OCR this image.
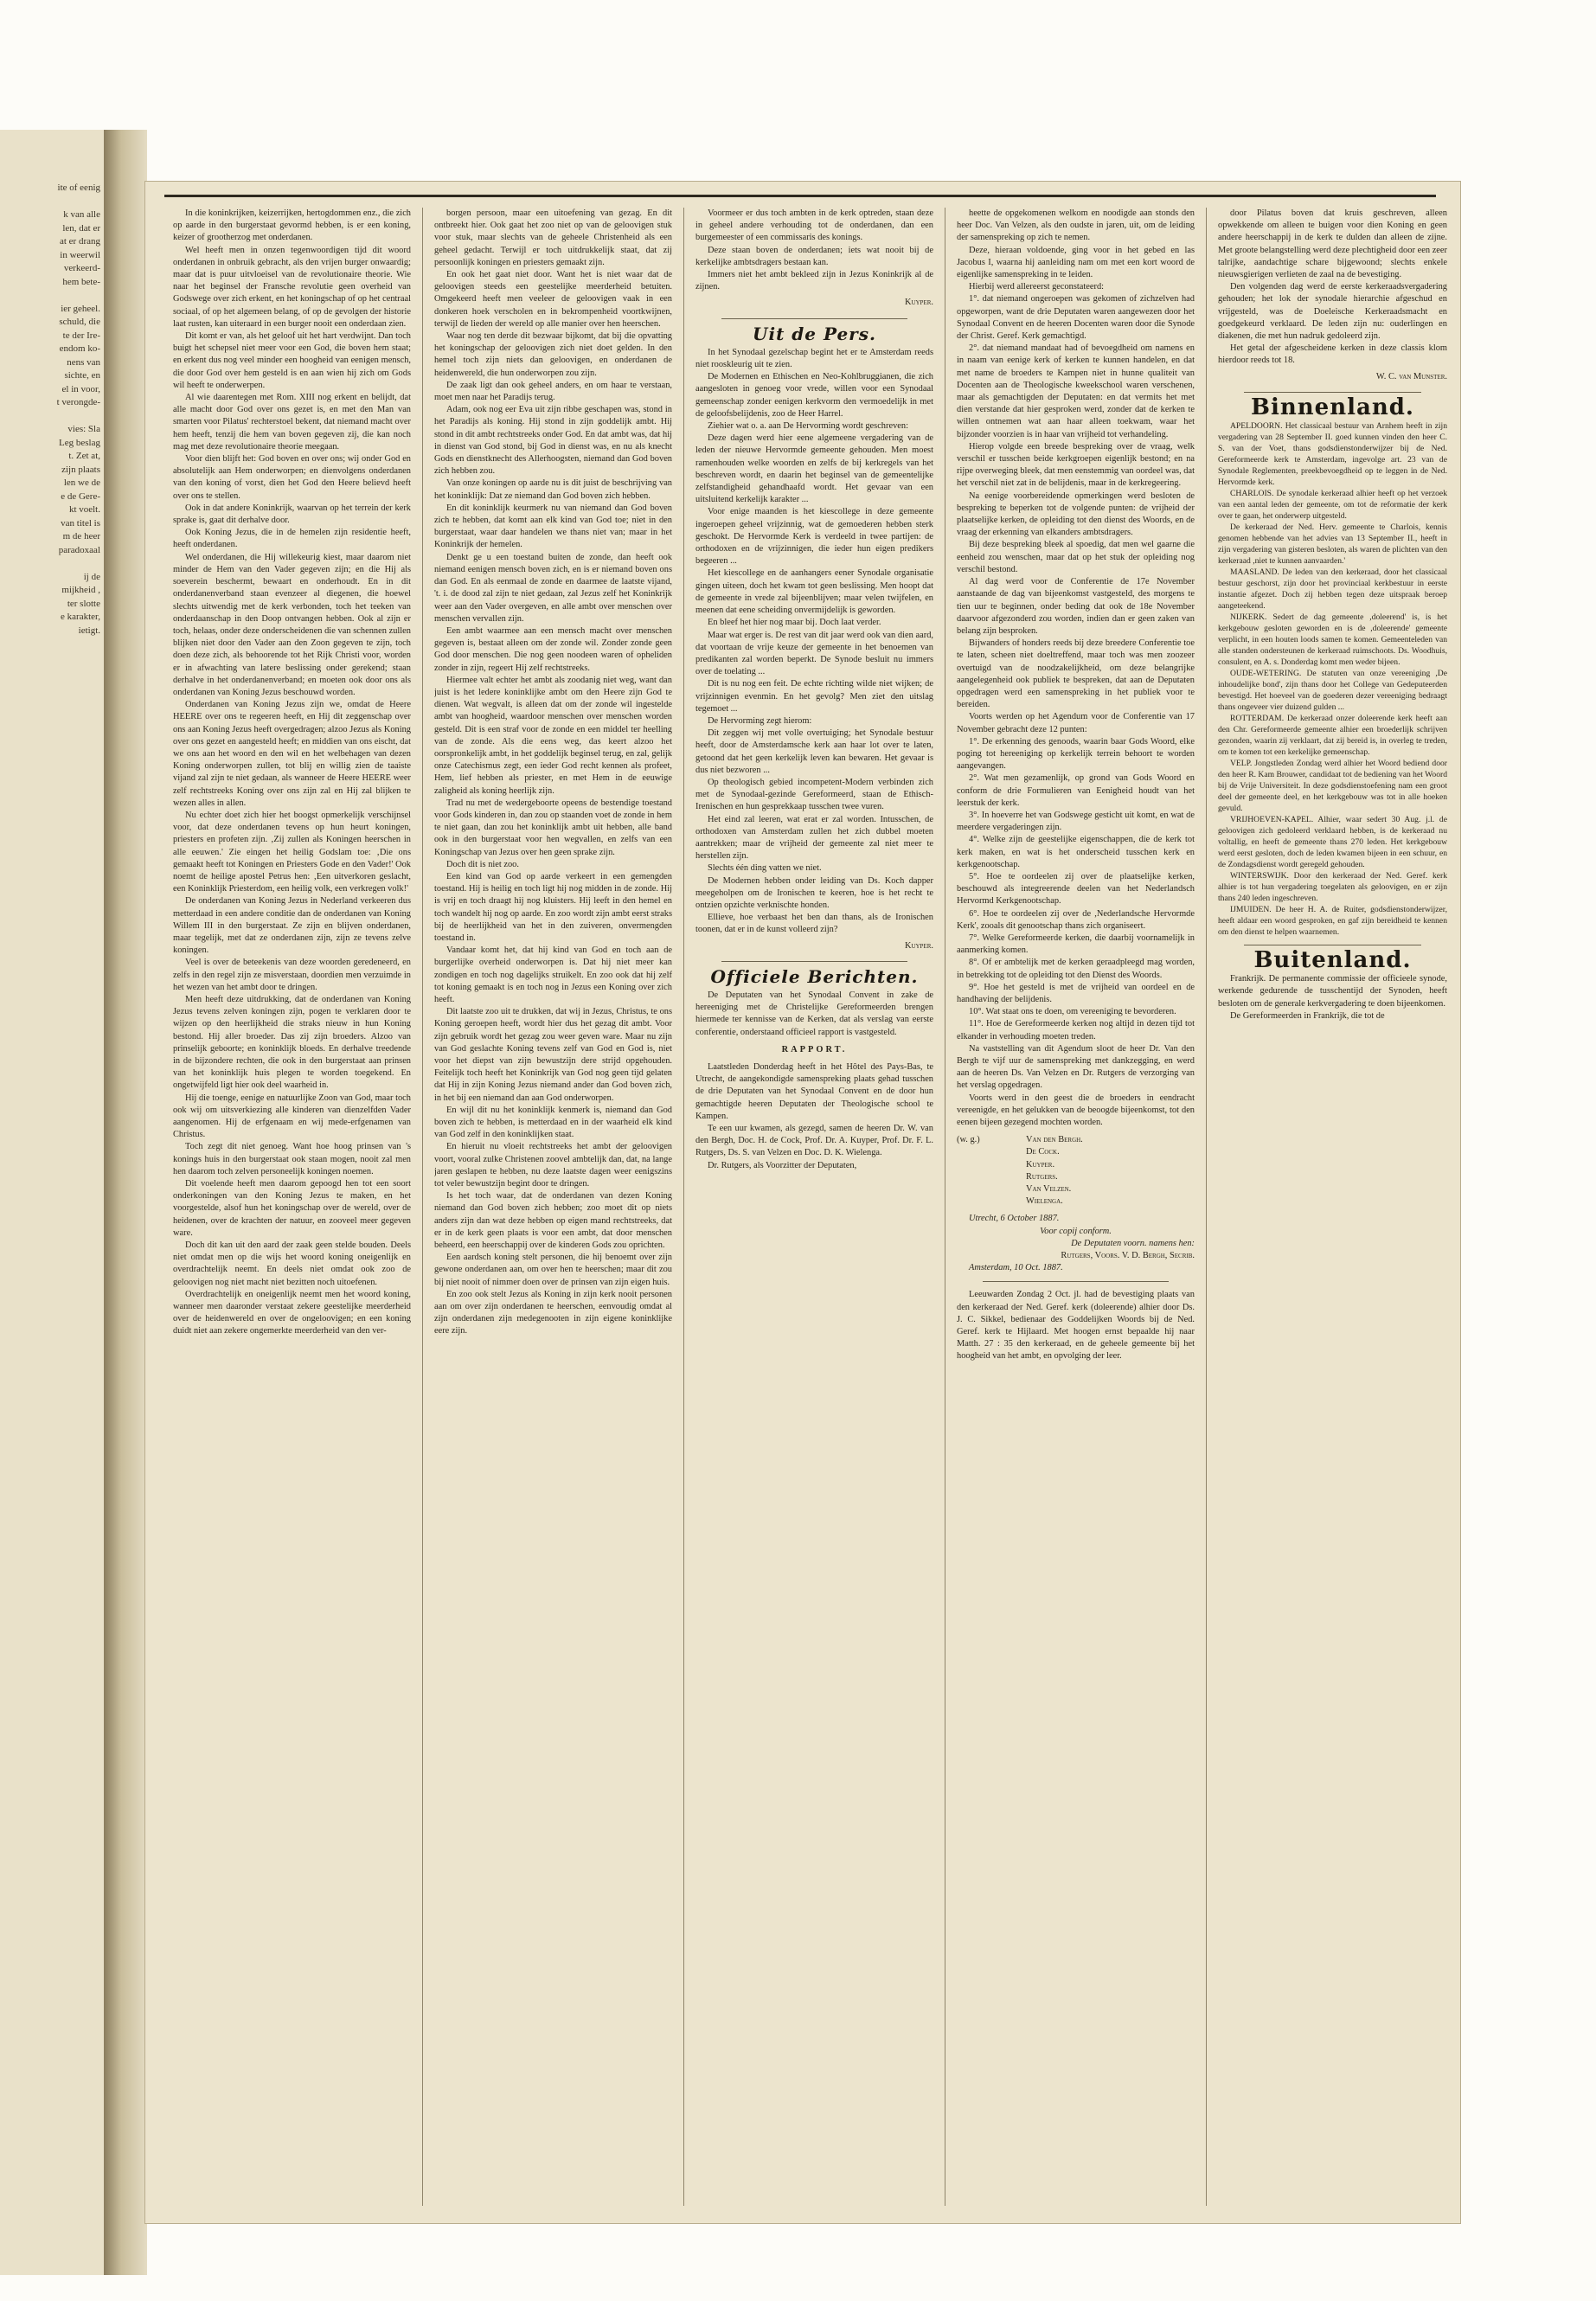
ite of eenig

k van alle
len, dat er
at er drang
in weerwil
verkeerd-
hem bete-

ier geheel.
schuld, die
te der Ire-
endom ko-
nens van
sichte, en
el in voor,
t verongde-

vies: Sla
Leg beslag
t. Zet at,
zijn plaats
len we de
e de Gere-
kt voelt.
van titel is
m de heer
paradoxaal

ij de
mijkheid ,
ter slotte
e karakter,
ietigt.

In die koninkrijken, keizerrijken, hertogdommen enz., die zich op aarde in den burgerstaat gevormd hebben, is er een koning, keizer of grootherzog met onderdanen.

Wel heeft men in onzen tegenwoordigen tijd dit woord onderdanen in onbruik gebracht, als den vrijen burger onwaardig; maar dat is puur uitvloeisel van de revolutionaire theorie. Wie naar het beginsel der Fransche revolutie geen overheid van Godswege over zich erkent, en het koningschap of op het centraal sociaal, of op het algemeen belang, of op de gevolgen der historie laat rusten, kan uiteraard in een burger nooit een onderdaan zien.

Dit komt er van, als het geloof uit het hart verdwijnt. Dan toch buigt het schepsel niet meer voor een God, die boven hem staat; en erkent dus nog veel minder een hoogheid van eenigen mensch, die door God over hem gesteld is en aan wien hij zich om Gods wil heeft te onderwerpen.

Al wie daarentegen met Rom. XIII nog erkent en belijdt, dat alle macht door God over ons gezet is, en met den Man van smarten voor Pilatus' rechterstoel bekent, dat niemand macht over hem heeft, tenzij die hem van boven gegeven zij, die kan noch mag met deze revolutionaire theorie meegaan.

Voor dien blijft het: God boven en over ons; wij onder God en absolutelijk aan Hem onderworpen; en dienvolgens onderdanen van den koning of vorst, dien het God den Heere believd heeft over ons te stellen.

Ook in dat andere Koninkrijk, waarvan op het terrein der kerk sprake is, gaat dit derhalve door.

Ook Koning Jezus, die in de hemelen zijn residentie heeft, heeft onderdanen.

Wel onderdanen, die Hij willekeurig kiest, maar daarom niet minder de Hem van den Vader gegeven zijn; en die Hij als soeverein beschermt, bewaart en onderhoudt. En in dit onderdanenverband staan evenzeer al diegenen, die hoewel slechts uitwendig met de kerk verbonden, toch het teeken van onderdaanschap in den Doop ontvangen hebben. Ook al zijn er toch, helaas, onder deze onderscheidenen die van schennen zullen blijken niet door den Vader aan den Zoon gegeven te zijn, toch doen deze zich, als behoorende tot het Rijk Christi voor, worden er in afwachting van latere beslissing onder gerekend; staan derhalve in het onderdanenverband; en moeten ook door ons als onderdanen van Koning Jezus beschouwd worden.

Onderdanen van Koning Jezus zijn we, omdat de Heere HEERE over ons te regeeren heeft, en Hij dit zeggenschap over ons aan Koning Jezus heeft overgedragen; alzoo Jezus als Koning over ons gezet en aangesteld heeft; en middien van ons eischt, dat we ons aan het woord en den wil en het welbehagen van dezen Koning onderworpen zullen, tot blij en willig zien de taaiste vijand zal zijn te niet gedaan, als wanneer de Heere HEERE weer zelf rechtstreeks Koning over ons zijn zal en Hij zal blijken te wezen alles in allen.

Nu echter doet zich hier het boogst opmerkelijk verschijnsel voor, dat deze onderdanen tevens op hun heurt koningen, priesters en profeten zijn. ‚Zij zullen als Koningen heerschen in alle eeuwen.' Zie eingen het heilig Godslam toe: ‚Die ons gemaakt heeft tot Koningen en Priesters Gode en den Vader!' Ook noemt de heilige apostel Petrus hen: ‚Een uitverkoren geslacht, een Koninklijk Priesterdom, een heilig volk, een verkregen volk!'

De onderdanen van Koning Jezus in Nederland verkeeren dus metterdaad in een andere conditie dan de onderdanen van Koning Willem III in den burgerstaat. Ze zijn en blijven onderdanen, maar tegelijk, met dat ze onderdanen zijn, zijn ze tevens zelve koningen.

Veel is over de beteekenis van deze woorden geredeneerd, en zelfs in den regel zijn ze misverstaan, doordien men verzuimde in het wezen van het ambt door te dringen.

Men heeft deze uitdrukking, dat de onderdanen van Koning Jezus tevens zelven koningen zijn, pogen te verklaren door te wijzen op den heerlijkheid die straks nieuw in hun Koning bestond. Hij aller broeder. Das zij zijn broeders. Alzoo van prinselijk geboorte; en koninklijk bloeds. En derhalve treedende in de bijzondere rechten, die ook in den burgerstaat aan prinsen van het koninklijk huis plegen te worden toegekend. En ongetwijfeld ligt hier ook deel waarheid in.

Hij die toenge, eenige en natuurlijke Zoon van God, maar toch ook wij om uitsverkiezing alle kinderen van dienzelfden Vader aangenomen. Hij de erfgenaam en wij mede-erfgenamen van Christus.

Toch zegt dit niet genoeg. Want hoe hoog prinsen van 's konings huis in den burgerstaat ook staan mogen, nooit zal men hen daarom toch zelven personeelijk koningen noemen.

Dit voelende heeft men daarom gepoogd hen tot een soort onderkoningen van den Koning Jezus te maken, en het voorgestelde, alsof hun het koningschap over de wereld, over de heidenen, over de krachten der natuur, en zooveel meer gegeven ware.

Doch dit kan uit den aard der zaak geen stelde bouden. Deels niet omdat men op die wijs het woord koning oneigenlijk en overdrachtelijk neemt. En deels niet omdat ook zoo de geloovigen nog niet macht niet bezitten noch uitoefenen.

Overdrachtelijk en oneigenlijk neemt men het woord koning, wanneer men daaronder verstaat zekere geestelijke meerderheid over de heidenwereld en over de ongeloovigen; en een koning duidt niet aan zekere ongemerkte meerderheid van den ver-

borgen persoon, maar een uitoefening van gezag. En dit ontbreekt hier. Ook gaat het zoo niet op van de geloovigen stuk voor stuk, maar slechts van de geheele Christenheid als een geheel gedacht. Terwijl er toch uitdrukkelijk staat, dat zij persoonlijk koningen en priesters gemaakt zijn.

En ook het gaat niet door. Want het is niet waar dat de geloovigen steeds een geestelijke meerderheid betuiten. Omgekeerd heeft men veeleer de geloovigen vaak in een donkeren hoek verscholen en in bekrompenheid voortkwijnen, terwijl de lieden der wereld op alle manier over hen heerschen.

Waar nog ten derde dit bezwaar bijkomt, dat bij die opvatting het koningschap der geloovigen zich niet doet gelden. In den hemel toch zijn niets dan geloovigen, en onderdanen de heidenwereld, die hun onderworpen zou zijn.

De zaak ligt dan ook geheel anders, en om haar te verstaan, moet men naar het Paradijs terug.

Adam, ook nog eer Eva uit zijn ribbe geschapen was, stond in het Paradijs als koning. Hij stond in zijn goddelijk ambt. Hij stond in dit ambt rechtstreeks onder God. En dat ambt was, dat hij in dienst van God stond, bij God in dienst was, en nu als knecht Gods en dienstknecht des Allerhoogsten, niemand dan God boven zich hebben zou.

Van onze koningen op aarde nu is dit juist de beschrijving van het koninklijk: Dat ze niemand dan God boven zich hebben.

En dit koninklijk keurmerk nu van niemand dan God boven zich te hebben, dat komt aan elk kind van God toe; niet in den burgerstaat, waar daar handelen we thans niet van; maar in het Koninkrijk der hemelen.

Denkt ge u een toestand buiten de zonde, dan heeft ook niemand eenigen mensch boven zich, en is er niemand boven ons dan God. En als eenmaal de zonde en daarmee de laatste vijand, 't. i. de dood zal zijn te niet gedaan, zal Jezus zelf het Koninkrijk weer aan den Vader overgeven, en alle ambt over menschen over menschen vervallen zijn.

Een ambt waarmee aan een mensch macht over menschen gegeven is, bestaat alleen om der zonde wil. Zonder zonde geen God door menschen. Die nog geen noodeen waren of opheliden zonder in zijn, regeert Hij zelf rechtstreeks.

Hiermee valt echter het ambt als zoodanig niet weg, want dan juist is het ledere koninklijke ambt om den Heere zijn God te dienen. Wat wegvalt, is alleen dat om der zonde wil ingestelde ambt van hoogheid, waardoor menschen over menschen worden gesteld. Dit is een straf voor de zonde en een middel ter heelling van de zonde. Als die eens weg, das keert alzoo het oorspronkelijk ambt, in het goddelijk beginsel terug, en zal, gelijk onze Catechismus zegt, een ieder God recht kennen als profeet, Hem, lief hebben als priester, en met Hem in de eeuwige zaligheid als koning heerlijk zijn.

Trad nu met de wedergeboorte opeens de bestendige toestand voor Gods kinderen in, dan zou op staanden voet de zonde in hem te niet gaan, dan zou het koninklijk ambt uit hebben, alle band ook in den burgerstaat voor hen wegvallen, en zelfs van een Koningschap van Jezus over hen geen sprake zijn.

Doch dit is niet zoo.

Een kind van God op aarde verkeert in een gemengden toestand. Hij is heilig en toch ligt hij nog midden in de zonde. Hij is vrij en toch draagt hij nog kluisters. Hij leeft in den hemel en toch wandelt hij nog op aarde. En zoo wordt zijn ambt eerst straks bij de heerlijkheid van het in den zuiveren, onvermengden toestand in.

Vandaar komt het, dat hij kind van God en toch aan de burgerlijke overheid onderworpen is. Dat hij niet meer kan zondigen en toch nog dagelijks struikelt. En zoo ook dat hij zelf tot koning gemaakt is en toch nog in Jezus een Koning over zich heeft.

Dit laatste zoo uit te drukken, dat wij in Jezus, Christus, te ons Koning geroepen heeft, wordt hier dus het gezag dit ambt. Voor zijn gebruik wordt het gezag zou weer geven ware. Maar nu zijn van God geslachte Koning tevens zelf van God en God is, niet voor het diepst van zijn bewustzijn dere strijd opgehouden. Feitelijk toch heeft het Koninkrijk van God nog geen tijd gelaten dat Hij in zijn Koning Jezus niemand ander dan God boven zich, in het bij een niemand dan aan God onderworpen.

En wijl dit nu het koninklijk kenmerk is, niemand dan God boven zich te hebben, is metterdaad en in der waarheid elk kind van God zelf in den koninklijken staat.

En hieruit nu vloeit rechtstreeks het ambt der geloovigen voort, vooral zulke Christenen zoovel ambtelijk dan, dat, na lange jaren geslapen te hebben, nu deze laatste dagen weer eenigszins tot veler bewustzijn begint door te dringen.

Is het toch waar, dat de onderdanen van dezen Koning niemand dan God boven zich hebben; zoo moet dit op niets anders zijn dan wat deze hebben op eigen mand rechtstreeks, dat er in de kerk geen plaats is voor een ambt, dat door menschen beheerd, een heerschappij over de kinderen Gods zou oprichten.

Een aardsch koning stelt personen, die hij benoemt over zijn gewone onderdanen aan, om over hen te heerschen; maar dit zou bij niet nooit of nimmer doen over de prinsen van zijn eigen huis.

En zoo ook stelt Jezus als Koning in zijn kerk nooit personen aan om over zijn onderdanen te heerschen, eenvoudig omdat al zijn onderdanen zijn medegenooten in zijn eigene koninklijke eere zijn.

Voormeer er dus toch ambten in de kerk optreden, staan deze in geheel andere verhouding tot de onderdanen, dan een burgemeester of een commissaris des konings.

Deze staan boven de onderdanen; iets wat nooit bij de kerkelijke ambtsdragers bestaan kan.

Immers niet het ambt bekleed zijn in Jezus Koninkrijk al de zijnen.

Kuyper.
Uit de Pers.

In het Synodaal gezelschap begint het er te Amsterdam reeds niet rooskleurig uit te zien.

De Modernen en Ethischen en Neo-Kohlbruggianen, die zich aangesloten in genoeg voor vrede, willen voor een Synodaal gemeenschap zonder eenigen kerkvorm den vermoedelijk in met de geloofsbelijdenis, zoo de Heer Harrel.

Ziehier wat o. a. aan De Hervorming wordt geschreven:

Deze dagen werd hier eene algemeene vergadering van de leden der nieuwe Hervormde gemeente gehouden. Men moest ramenhouden welke woorden en zelfs de bij kerkregels van het beschreven wordt, en daarin het beginsel van de gemeentelijke zelfstandigheid gehandhaafd wordt. Het gevaar van een uitsluitend kerkelijk karakter ...

Voor enige maanden is het kiescollege in deze gemeente ingeroepen geheel vrijzinnig, wat de gemoederen hebben sterk geschokt. De Hervormde Kerk is verdeeld in twee partijen: de orthodoxen en de vrijzinnigen, die ieder hun eigen predikers begeeren ...

Het kiescollege en de aanhangers eener Synodale organisatie gingen uiteen, doch het kwam tot geen beslissing. Men hoopt dat de gemeente in vrede zal bijeenblijven; maar velen twijfelen, en meenen dat eene scheiding onvermijdelijk is geworden.

En bleef het hier nog maar bij. Doch laat verder.

Maar wat erger is. De rest van dit jaar werd ook van dien aard, dat voortaan de vrije keuze der gemeente in het benoemen van predikanten zal worden beperkt. De Synode besluit nu immers over de toelating ...

Dit is nu nog een feit. De echte richting wilde niet wijken; de vrijzinnigen evenmin. En het gevolg? Men ziet den uitslag tegemoet ...

De Hervorming zegt hierom:

Dit zeggen wij met volle overtuiging; het Synodale bestuur heeft, door de Amsterdamsche kerk aan haar lot over te laten, getoond dat het geen kerkelijk leven kan bewaren. Het gevaar is dus niet bezworen ...

Op theologisch gebied incompetent-Modern verbinden zich met de Synodaal-gezinde Gereformeerd, staan de Ethisch-Irenischen en hun gesprekkaap tusschen twee vuren.

Het eind zal leeren, wat erat er zal worden. Intusschen, de orthodoxen van Amsterdam zullen het zich dubbel moeten aantrekken; maar de vrijheid der gemeente zal niet meer te herstellen zijn.

Slechts één ding vatten we niet.

De Modernen hebben onder leiding van Ds. Koch dapper meegeholpen om de Ironischen te keeren, hoe is het recht te ontzien opzichte verknischte honden.

Ellieve, hoe verbaast het ben dan thans, als de Ironischen toonen, dat er in de kunst volleerd zijn?

Kuyper.
Officiele Berichten.

De Deputaten van het Synodaal Convent in zake de hereeniging met de Christelijke Gereformeerden brengen hiermede ter kennisse van de Kerken, dat als verslag van eerste conferentie, onderstaand officieel rapport is vastgesteld.

RAPPORT.

Laatstleden Donderdag heeft in het Hôtel des Pays-Bas, te Utrecht, de aangekondigde samenspreking plaats gehad tusschen de drie Deputaten van het Synodaal Convent en de door hun gemachtigde heeren Deputaten der Theologische school te Kampen.

Te een uur kwamen, als gezegd, samen de heeren Dr. W. van den Bergh, Doc. H. de Cock, Prof. Dr. A. Kuyper, Prof. Dr. F. L. Rutgers, Ds. S. van Velzen en Doc. D. K. Wielenga.

Dr. Rutgers, als Voorzitter der Deputaten,

heette de opgekomenen welkom en noodigde aan stonds den heer Doc. Van Velzen, als den oudste in jaren, uit, om de leiding der samenspreking op zich te nemen.

Deze, hieraan voldoende, ging voor in het gebed en las Jacobus I, waarna hij aanleiding nam om met een kort woord de eigenlijke samenspreking in te leiden.

Hierbij werd allereerst geconstateerd:

1°. dat niemand ongeroepen was gekomen of zichzelven had opgeworpen, want de drie Deputaten waren aangewezen door het Synodaal Convent en de heeren Docenten waren door die Synode der Christ. Geref. Kerk gemachtigd.

2°. dat niemand mandaat had of bevoegdheid om namens en in naam van eenige kerk of kerken te kunnen handelen, en dat met name de broeders te Kampen niet in hunne qualiteit van Docenten aan de Theologische kweekschool waren verschenen, maar als gemachtigden der Deputaten: en dat vermits het met dien verstande dat hier gesproken werd, zonder dat de kerken te willen ontnemen wat aan haar alleen toekwam, waar het bijzonder voorzien is in haar van vrijheid tot verhandeling.

Hierop volgde een breede bespreking over de vraag, welk verschil er tusschen beide kerkgroepen eigenlijk bestond; en na rijpe overweging bleek, dat men eenstemmig van oordeel was, dat het verschil niet zat in de belijdenis, maar in de kerkregeering.

Na eenige voorbereidende opmerkingen werd besloten de bespreking te beperken tot de volgende punten: de vrijheid der plaatselijke kerken, de opleiding tot den dienst des Woords, en de vraag der erkenning van elkanders ambtsdragers.

Bij deze bespreking bleek al spoedig, dat men wel gaarne die eenheid zou wenschen, maar dat op het stuk der opleiding nog verschil bestond.

Al dag werd voor de Conferentie de 17e November aanstaande de dag van bijeenkomst vastgesteld, des morgens te tien uur te beginnen, onder beding dat ook de 18e November daarvoor afgezonderd zou worden, indien dan er geen zaken van belang zijn besproken.

Bijwanders of honders reeds bij deze breedere Conferentie toe te laten, scheen niet doeltreffend, maar toch was men zoozeer overtuigd van de noodzakelijkheid, om deze belangrijke aangelegenheid ook publiek te bespreken, dat aan de Deputaten opgedragen werd een samenspreking in het publiek voor te bereiden.

Voorts werden op het Agendum voor de Conferentie van 17 November gebracht deze 12 punten:

1°. De erkenning des genoods, waarin baar Gods Woord, elke poging tot hereeniging op kerkelijk terrein behoort te worden aangevangen.

2°. Wat men gezamenlijk, op grond van Gods Woord en conform de drie Formulieren van Eenigheid houdt van het leerstuk der kerk.

3°. In hoeverre het van Godswege gesticht uit komt, en wat de meerdere vergaderingen zijn.

4°. Welke zijn de geestelijke eigenschappen, die de kerk tot kerk maken, en wat is het onderscheid tusschen kerk en kerkgenootschap.

5°. Hoe te oordeelen zij over de plaatselijke kerken, beschouwd als integreerende deelen van het Nederlandsch Hervormd Kerkgenootschap.

6°. Hoe te oordeelen zij over de ,Nederlandsche Hervormde Kerk', zooals dit genootschap thans zich organiseert.

7°. Welke Gereformeerde kerken, die daarbij voornamelijk in aanmerking komen.

8°. Of er ambtelijk met de kerken geraadpleegd mag worden, in betrekking tot de opleiding tot den Dienst des Woords.

9°. Hoe het gesteld is met de vrijheid van oordeel en de handhaving der belijdenis.

10°. Wat staat ons te doen, om vereeniging te bevorderen.

11°. Hoe de Gereformeerde kerken nog altijd in dezen tijd tot elkander in verhouding moeten treden.

Na vaststelling van dit Agendum sloot de heer Dr. Van den Bergh te vijf uur de samenspreking met dankzegging, en werd aan de heeren Ds. Van Velzen en Dr. Rutgers de verzorging van het verslag opgedragen.

Voorts werd in den geest die de broeders in eendracht vereenigde, en het gelukken van de beoogde bijeenkomst, tot den eenen bijeen gezegend mochten worden.

(w. g.)	Van den Bergh.
De Cock.
Kuyper.
Rutgers.
Van Velzen.
Wielenga.

Utrecht, 6 October 1887.

Voor copij conform.

De Deputaten voorn. namens hen:

Rutgers, Voors. V. D. Bergh, Secrib.

Amsterdam, 10 Oct. 1887.

Leeuwarden Zondag 2 Oct. jl. had de bevestiging plaats van den kerkeraad der Ned. Geref. kerk (doleerende) alhier door Ds. J. C. Sikkel, bedienaar des Goddelijken Woords bij de Ned. Geref. kerk te Hijlaard. Met hoogen ernst bepaalde hij naar Matth. 27 : 35 den kerkeraad, en de geheele gemeente bij het hoogheid van het ambt, en opvolging der leer.

door Pilatus boven dat kruis geschreven, alleen opwekkende om alleen te buigen voor dien Koning en geen andere heerschappij in de kerk te dulden dan alleen de zijne. Met groote belangstelling werd deze plechtigheid door een zeer talrijke, aandachtige schare bijgewoond; slechts enkele nieuwsgierigen verlieten de zaal na de bevestiging.

Den volgenden dag werd de eerste kerkeraadsvergadering gehouden; het lok der synodale hierarchie afgeschud en vrijgesteld, was de Doeleische Kerkeraadsmacht en goedgekeurd verklaard. De leden zijn nu: ouderlingen en diakenen, die met hun nadruk gedoleerd zijn.

Het getal der afgescheidene kerken in deze classis klom hierdoor reeds tot 18.

W. C. van Munster.
Binnenland.

APELDOORN. Het classicaal bestuur van Arnhem heeft in zijn vergadering van 28 September II. goed kunnen vinden den heer C. S. van der Voet, thans godsdienstonderwijzer bij de Ned. Gereformeerde kerk te Amsterdam, ingevolge art. 23 van de Synodale Reglementen, preekbevoegdheid op te leggen in de Ned. Hervormde kerk.

CHARLOIS. De synodale kerkeraad alhier heeft op het verzoek van een aantal leden der gemeente, om tot de reformatie der kerk over te gaan, het onderwerp uitgesteld.

De kerkeraad der Ned. Herv. gemeente te Charlois, kennis genomen hebbende van het advies van 13 September II., heeft in zijn vergadering van gisteren besloten, als waren de plichten van den kerkeraad ,niet te kunnen aanvaarden.'

MAASLAND. De leden van den kerkeraad, door het classicaal bestuur geschorst, zijn door het provinciaal kerkbestuur in eerste instantie afgezet. Doch zij hebben tegen deze uitspraak beroep aangeteekend.

NIJKERK. Sedert de dag gemeente ,doleerend' is, is het kerkgebouw gesloten geworden en is de ,doleerende' gemeente verplicht, in een houten loods samen te komen. Gemeenteleden van alle standen ondersteunen de kerkeraad ruimschoots. Ds. Woodhuis, consulent, en A. s. Donderdag komt men weder bijeen.

OUDE-WETERING. De statuten van onze vereeniging ,De inhoudelijke bond', zijn thans door het College van Gedeputeerden bevestigd. Het hoeveel van de goederen dezer vereeniging bedraagt thans ongeveer vier duizend gulden ...

ROTTERDAM. De kerkeraad onzer doleerende kerk heeft aan den Chr. Gereformeerde gemeente alhier een broederlijk schrijven gezonden, waarin zij verklaart, dat zij bereid is, in overleg te treden, om te komen tot een kerkelijke gemeenschap.

VELP. Jongstleden Zondag werd alhier het Woord bediend door den heer R. Kam Brouwer, candidaat tot de bediening van het Woord bij de Vrije Universiteit. In deze godsdienstoefening nam een groot deel der gemeente deel, en het kerkgebouw was tot in alle hoeken gevuld.

VRIJHOEVEN-KAPEL. Alhier, waar sedert 30 Aug. j.l. de geloovigen zich gedoleerd verklaard hebben, is de kerkeraad nu voltallig, en heeft de gemeente thans 270 leden. Het kerkgebouw werd eerst gesloten, doch de leden kwamen bijeen in een schuur, en de Zondagsdienst wordt geregeld gehouden.

WINTERSWIJK. Door den kerkeraad der Ned. Geref. kerk alhier is tot hun vergadering toegelaten als geloovigen, en er zijn thans 240 leden ingeschreven.

IJMUIDEN. De heer H. A. de Ruiter, godsdienstonderwijzer, heeft aldaar een woord gesproken, en gaf zijn bereidheid te kennen om den dienst te helpen waarnemen.

Buitenland.

Frankrijk. De permanente commissie der officieele synode, werkende gedurende de tusschentijd der Synoden, heeft besloten om de generale kerkvergadering te doen bijeenkomen.

De Gereformeerden in Frankrijk, die tot de
